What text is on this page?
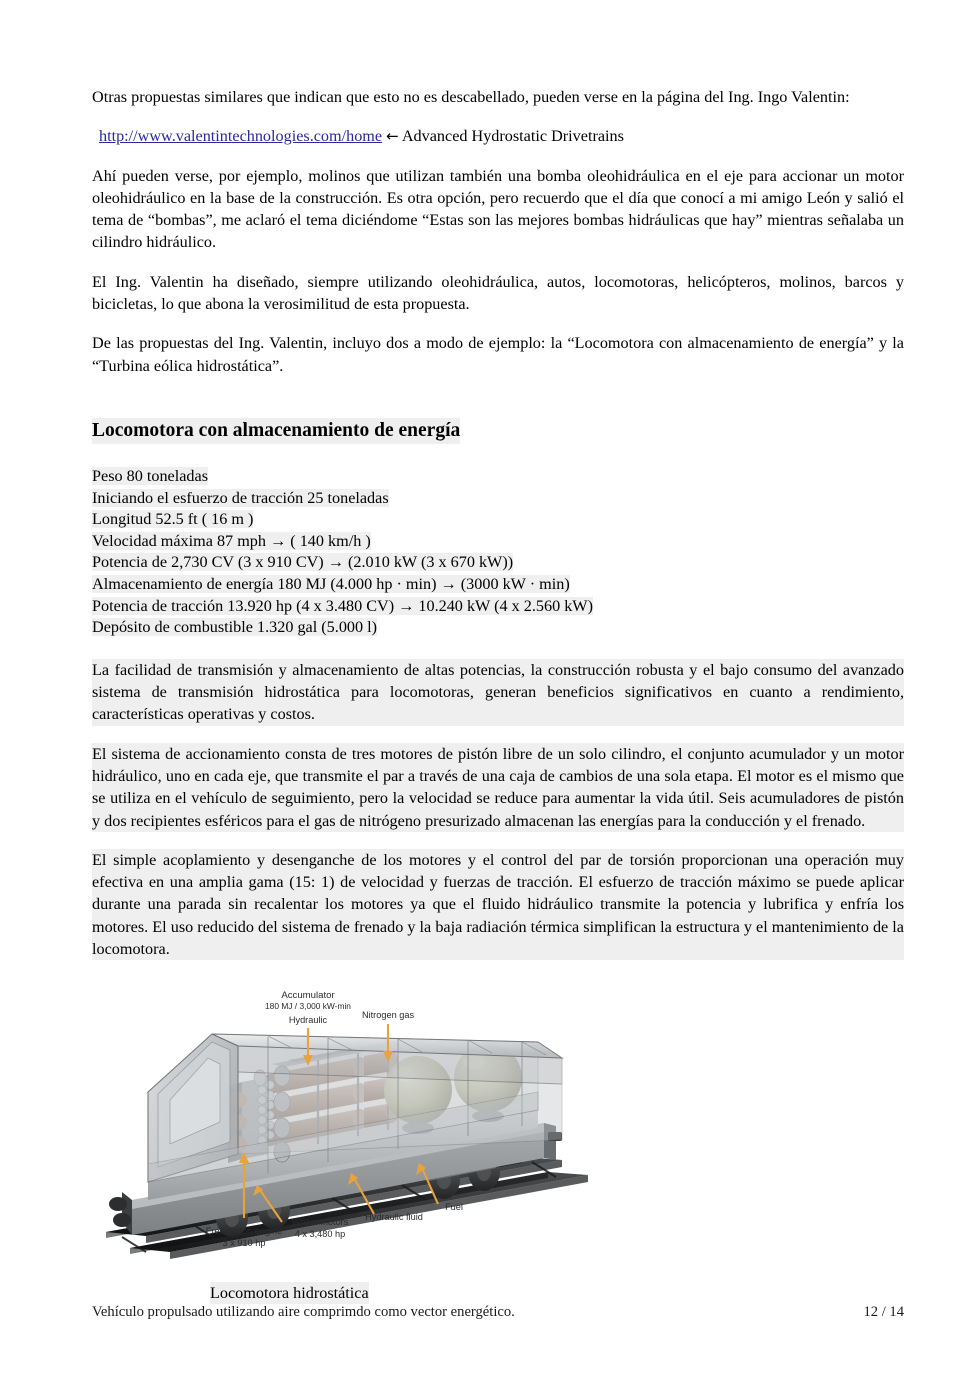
Otras propuestas similares que indican que esto no es descabellado, pueden verse en la página del Ing. Ingo Valentin:

http://www.valentintechnologies.com/home ← Advanced Hydrostatic Drivetrains

Ahí pueden verse, por ejemplo, molinos que utilizan también una bomba oleohidráulica en el eje para accionar un motor oleohidráulico en la base de la construcción. Es otra opción, pero recuerdo que el día que conocí a mi amigo León y salió el tema de “bombas”, me aclaró el tema diciéndome “Estas son las mejores bombas hidráulicas que hay” mientras señalaba un cilindro hidráulico.

El Ing. Valentin ha diseñado, siempre utilizando oleohidráulica, autos, locomotoras, helicópteros, molinos, barcos y bicicletas, lo que abona la verosimilitud de esta propuesta.

De las propuestas del Ing. Valentin, incluyo dos a modo de ejemplo: la “Locomotora con almacenamiento de energía” y la “Turbina eólica hidrostática”.

Locomotora con almacenamiento de energía
Peso 80 toneladas
Iniciando el esfuerzo de tracción 25 toneladas
Longitud 52.5 ft ( 16 m )
Velocidad máxima 87 mph → ( 140 km/h )
Potencia de 2,730 CV (3 x 910 CV) → (2.010 kW (3 x 670 kW))
Almacenamiento de energía 180 MJ (4.000 hp · min) → (3000 kW · min)
Potencia de tracción 13.920 hp (4 x 3.480 CV) → 10.240 kW (4 x 2.560 kW)
Depósito de combustible 1.320 gal (5.000 l)

La facilidad de transmisión y almacenamiento de altas potencias, la construcción robusta y el bajo consumo del avanzado sistema de transmisión hidrostática para locomotoras, generan beneficios significativos en cuanto a rendimiento, características operativas y costos.

El sistema de accionamiento consta de tres motores de pistón libre de un solo cilindro, el conjunto acumulador y un motor hidráulico, uno en cada eje, que transmite el par a través de una caja de cambios de una sola etapa. El motor es el mismo que se utiliza en el vehículo de seguimiento, pero la velocidad se reduce para aumentar la vida útil. Seis acumuladores de pistón y dos recipientes esféricos para el gas de nitrógeno presurizado almacenan las energías para la conducción y el frenado.

El simple acoplamiento y desenganche de los motores y el control del par de torsión proporcionan una operación muy efectiva en una amplia gama (15: 1) de velocidad y fuerzas de tracción. El esfuerzo de tracción máximo se puede aplicar durante una parada sin recalentar los motores ya que el fluido hidráulico transmite la potencia y lubrifica y enfría los motores. El uso reducido del sistema de frenado y la baja radiación térmica simplifican la estructura y el mantenimiento de la locomotora.

Accumulator
180 MJ / 3,000 kW-min
Hydraulic	Nitrogen gas
Free-piston engine
3 x 910 hp
Wheel motors
4 x 3,480 hp
Hydraulic fluid
Fuel
Locomotora hidrostática
Vehículo propulsado utilizando aire comprimdo como vector energético.	12 / 14
